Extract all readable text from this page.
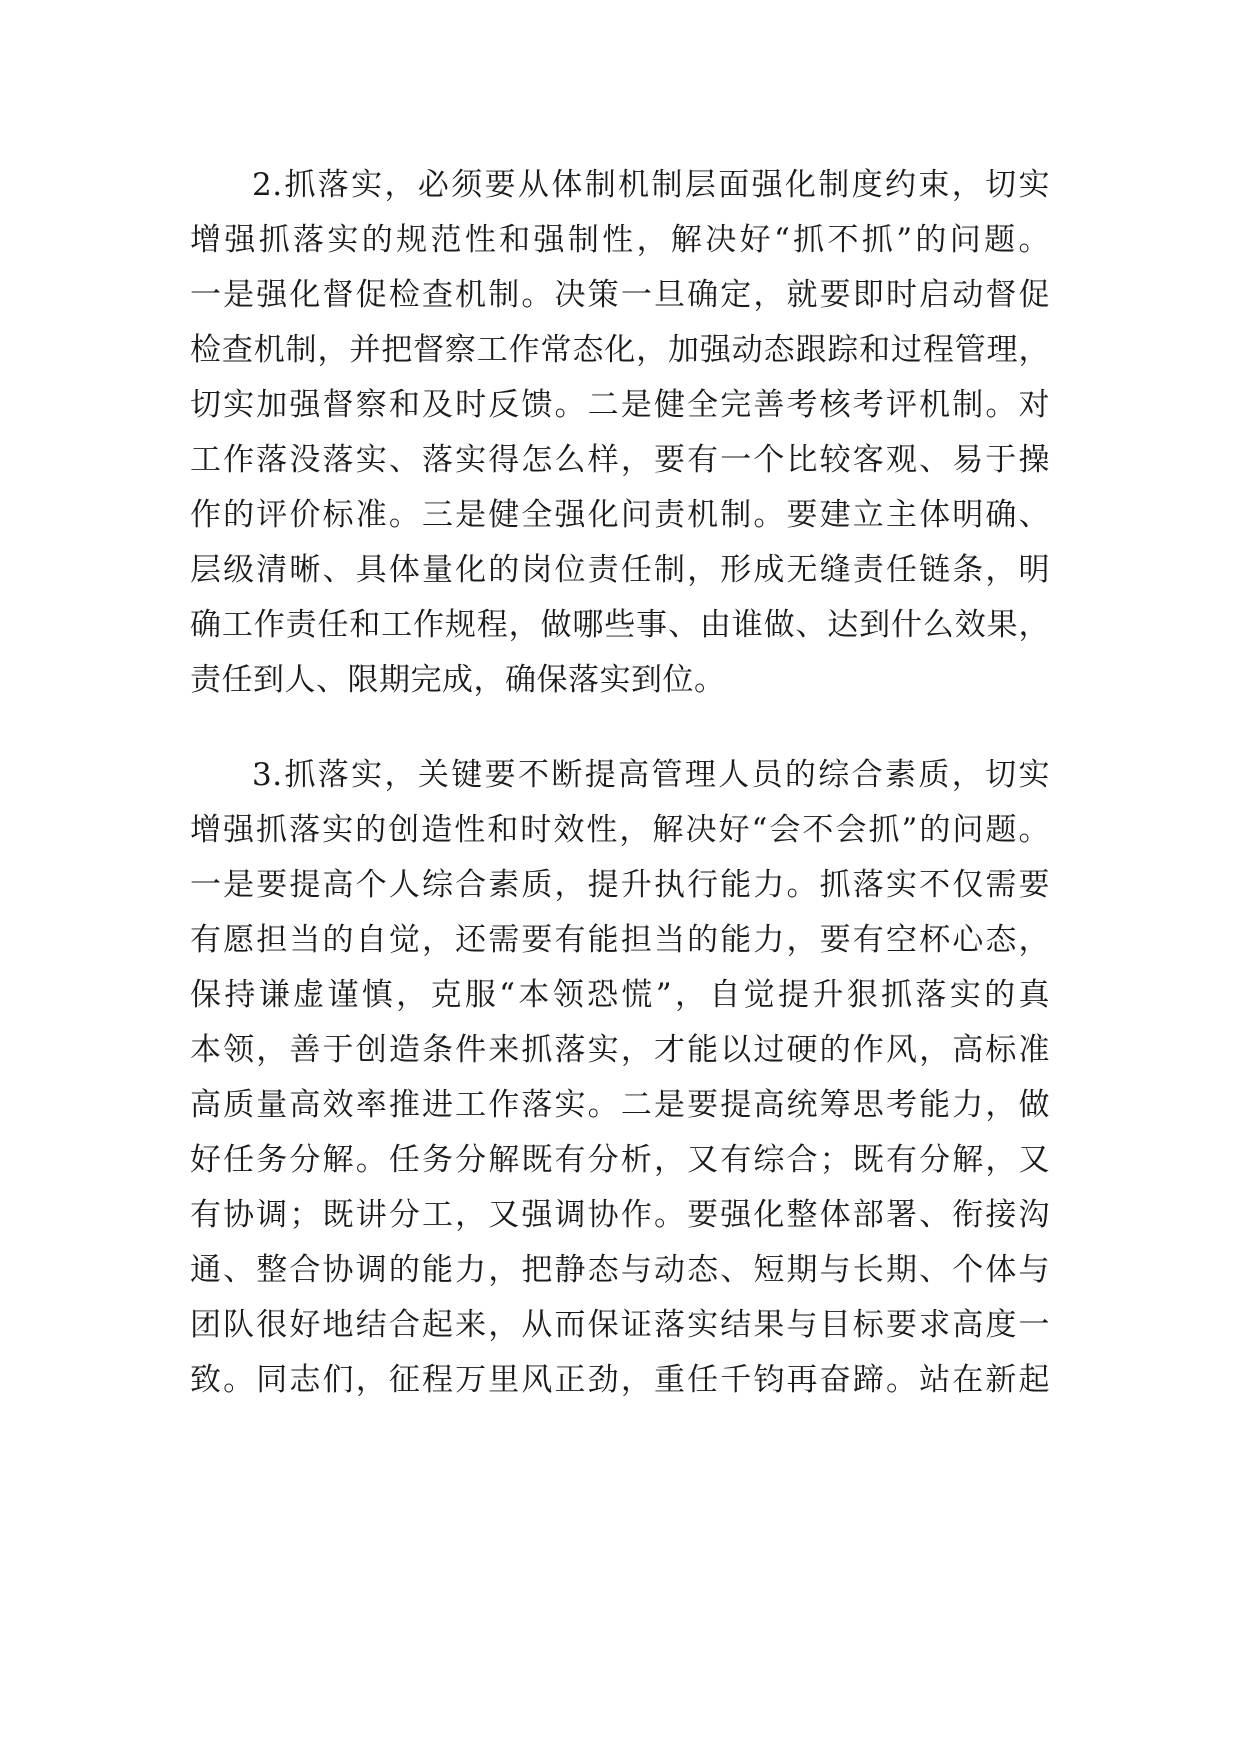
2.抓落实，必须要从体制机制层面强化制度约束，切实
增强抓落实的规范性和强制性，解决好“抓不抓”的问题。
一是强化督促检查机制。决策一旦确定，就要即时启动督促
检查机制，并把督察工作常态化，加强动态跟踪和过程管理，
切实加强督察和及时反馈。二是健全完善考核考评机制。对
工作落没落实、落实得怎么样，要有一个比较客观、易于操
作的评价标准。三是健全强化问责机制。要建立主体明确、
层级清晰、具体量化的岗位责任制，形成无缝责任链条，明
确工作责任和工作规程，做哪些事、由谁做、达到什么效果，
责任到人、限期完成，确保落实到位。
3.抓落实，关键要不断提高管理人员的综合素质，切实
增强抓落实的创造性和时效性，解决好“会不会抓”的问题。
一是要提高个人综合素质，提升执行能力。抓落实不仅需要
有愿担当的自觉，还需要有能担当的能力，要有空杯心态，
保持谦虚谨慎，克服“本领恐慌”，自觉提升狠抓落实的真
本领，善于创造条件来抓落实，才能以过硬的作风，高标准
高质量高效率推进工作落实。二是要提高统筹思考能力，做
好任务分解。任务分解既有分析，又有综合；既有分解，又
有协调；既讲分工，又强调协作。要强化整体部署、衔接沟
通、整合协调的能力，把静态与动态、短期与长期、个体与
团队很好地结合起来，从而保证落实结果与目标要求高度一
致。同志们，征程万里风正劲，重任千钧再奋蹄。站在新起
